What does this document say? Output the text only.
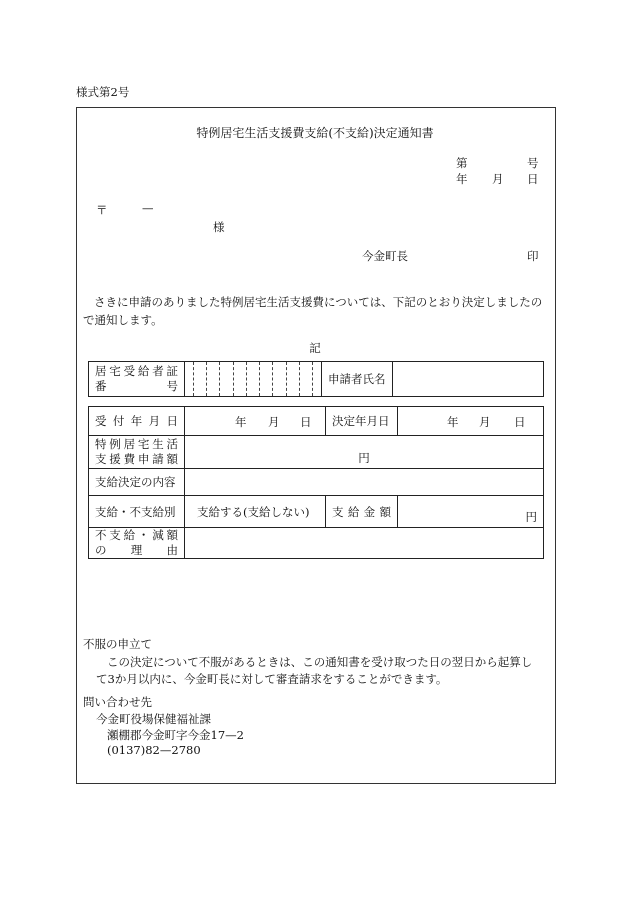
様式第2号
特例居宅生活支援費支給(不支給)決定通知書
第	号
年 月 日
〒	—
様
今金町長	印
さきに申請のありました特例居宅生活支援費については、下記のとおり決定しましたので通知します。
記
居宅受給者証
番号		申請者氏名	
受付年月日	年 月 日	決定年月日	年 月 日

特例居宅生活
支援費申請額	円		
支給決定の内容			
支給・不支給別	支給する(支給しない)	支給金額	円

不支給・減額
の理由			

不服の申立て
この決定について不服があるときは、この通知書を受け取つた日の翌日から起算し
て3か月以内に、今金町長に対して審査請求をすることができます。
問い合わせ先
今金町役場保健福祉課
瀬棚郡今金町字今金17—2
(0137)82—2780
